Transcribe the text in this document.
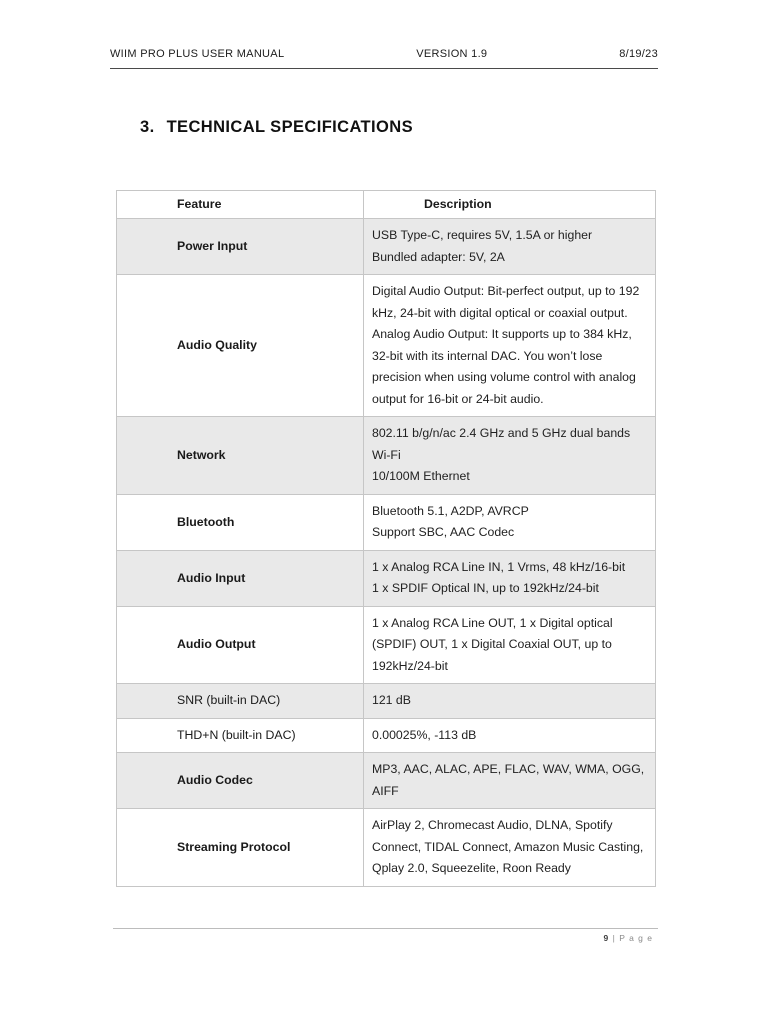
WIIM PRO PLUS USER MANUAL	VERSION 1.9	8/19/23
3. TECHNICAL SPECIFICATIONS
Feature	Description
Power Input	USB Type-C, requires 5V, 1.5A or higher
Bundled adapter: 5V, 2A

Audio Quality	Digital Audio Output: Bit-perfect output, up to 192 kHz, 24-bit with digital optical or coaxial output.
Analog Audio Output: It supports up to 384 kHz, 32-bit with its internal DAC. You won’t lose precision when using volume control with analog output for 16-bit or 24-bit audio.

Network	802.11 b/g/n/ac 2.4 GHz and 5 GHz dual bands Wi-Fi
10/100M Ethernet

Bluetooth	Bluetooth 5.1, A2DP, AVRCP
Support SBC, AAC Codec

Audio Input	1 x Analog RCA Line IN, 1 Vrms, 48 kHz/16-bit
1 x SPDIF Optical IN, up to 192kHz/24-bit

Audio Output	1 x Analog RCA Line OUT, 1 x Digital optical (SPDIF) OUT, 1 x Digital Coaxial OUT, up to 192kHz/24-bit

SNR (built-in DAC)	121 dB

THD+N (built-in DAC)	0.00025%, -113 dB

Audio Codec	MP3, AAC, ALAC, APE, FLAC, WAV, WMA, OGG, AIFF

Streaming Protocol	AirPlay 2, Chromecast Audio, DLNA, Spotify Connect, TIDAL Connect, Amazon Music Casting, Qplay 2.0, Squeezelite, Roon Ready
9 | P a g e
